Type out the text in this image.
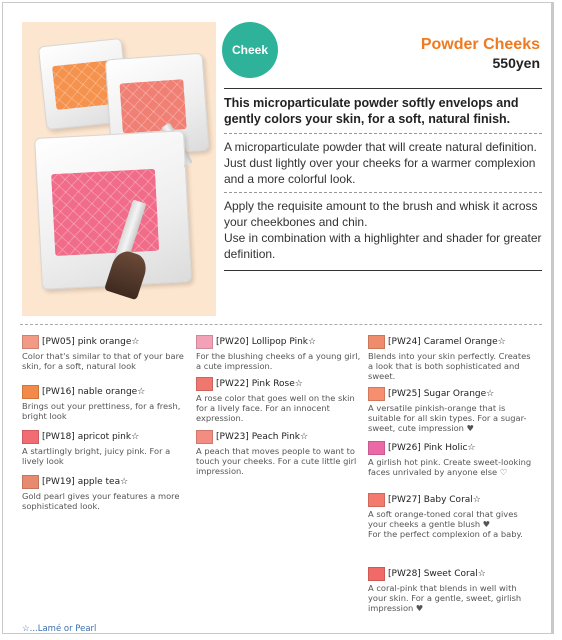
Cheek	Powder Cheeks
550yen
This microparticulate powder softly envelops and gently colors your skin, for a soft, natural finish.
A microparticulate powder that will create natural definition. Just dust lightly over your cheeks for a warmer complexion and a more colorful look.
Apply the requisite amount to the brush and whisk it across your cheekbones and chin.
Use in combination with a highlighter and shader for greater definition.
[PW05] pink orange☆
Color that's similar to that of your bare skin, for a soft, natural look
[PW16] nable orange☆
Brings out your prettiness, for a fresh, bright look
[PW18] apricot pink☆
A startlingly bright, juicy pink. For a lively look
[PW19] apple tea☆
Gold pearl gives your features a more sophisticated look.
[PW20] Lollipop Pink☆
For the blushing cheeks of a young girl, a cute impression.
[PW22] Pink Rose☆
A rose color that goes well on the skin for a lively face. For an innocent expression.
[PW23] Peach Pink☆
A peach that moves people to want to touch your cheeks. For a cute little girl impression.
[PW24] Caramel Orange☆
Blends into your skin perfectly. Creates a look that is both sophisticated and sweet.
[PW25] Sugar Orange☆
A versatile pinkish-orange that is suitable for all skin types. For a sugar-sweet, cute impression ♥
[PW26] Pink Holic☆
A girlish hot pink. Create sweet-looking faces unrivaled by anyone else ♡
[PW27] Baby Coral☆
A soft orange-toned coral that gives your cheeks a gentle blush ♥
For the perfect complexion of a baby.
[PW28] Sweet Coral☆
A coral-pink that blends in well with your skin. For a gentle, sweet, girlish impression ♥
☆...Lamé or Pearl
